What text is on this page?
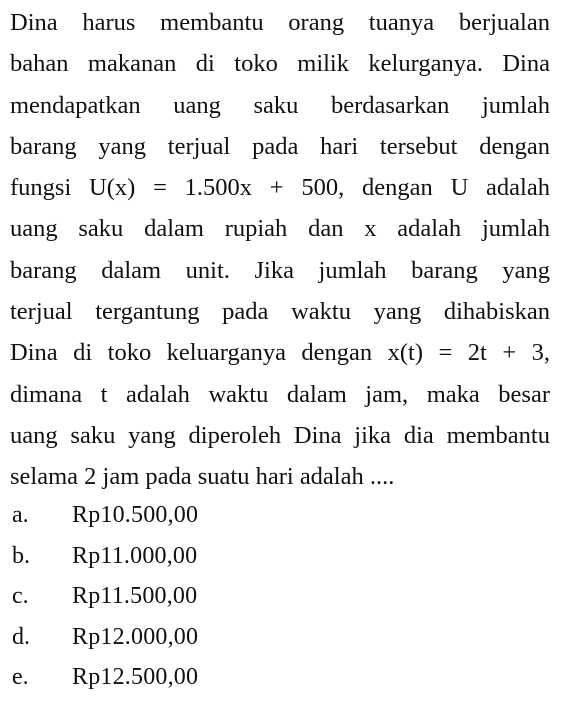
Dina harus membantu orang tuanya berjualan
bahan makanan di toko milik kelurganya. Dina
mendapatkan uang saku berdasarkan jumlah
barang yang terjual pada hari tersebut dengan
fungsi U(x) = 1.500x + 500, dengan U adalah
uang saku dalam rupiah dan x adalah jumlah
barang dalam unit. Jika jumlah barang yang
terjual tergantung pada waktu yang dihabiskan
Dina di toko keluarganya dengan x(t) = 2t + 3,
dimana t adalah waktu dalam jam, maka besar
uang saku yang diperoleh Dina jika dia membantu
selama 2 jam pada suatu hari adalah ....
a.	Rp10.500,00
b.	Rp11.000,00
c.	Rp11.500,00
d.	Rp12.000,00
e.	Rp12.500,00
